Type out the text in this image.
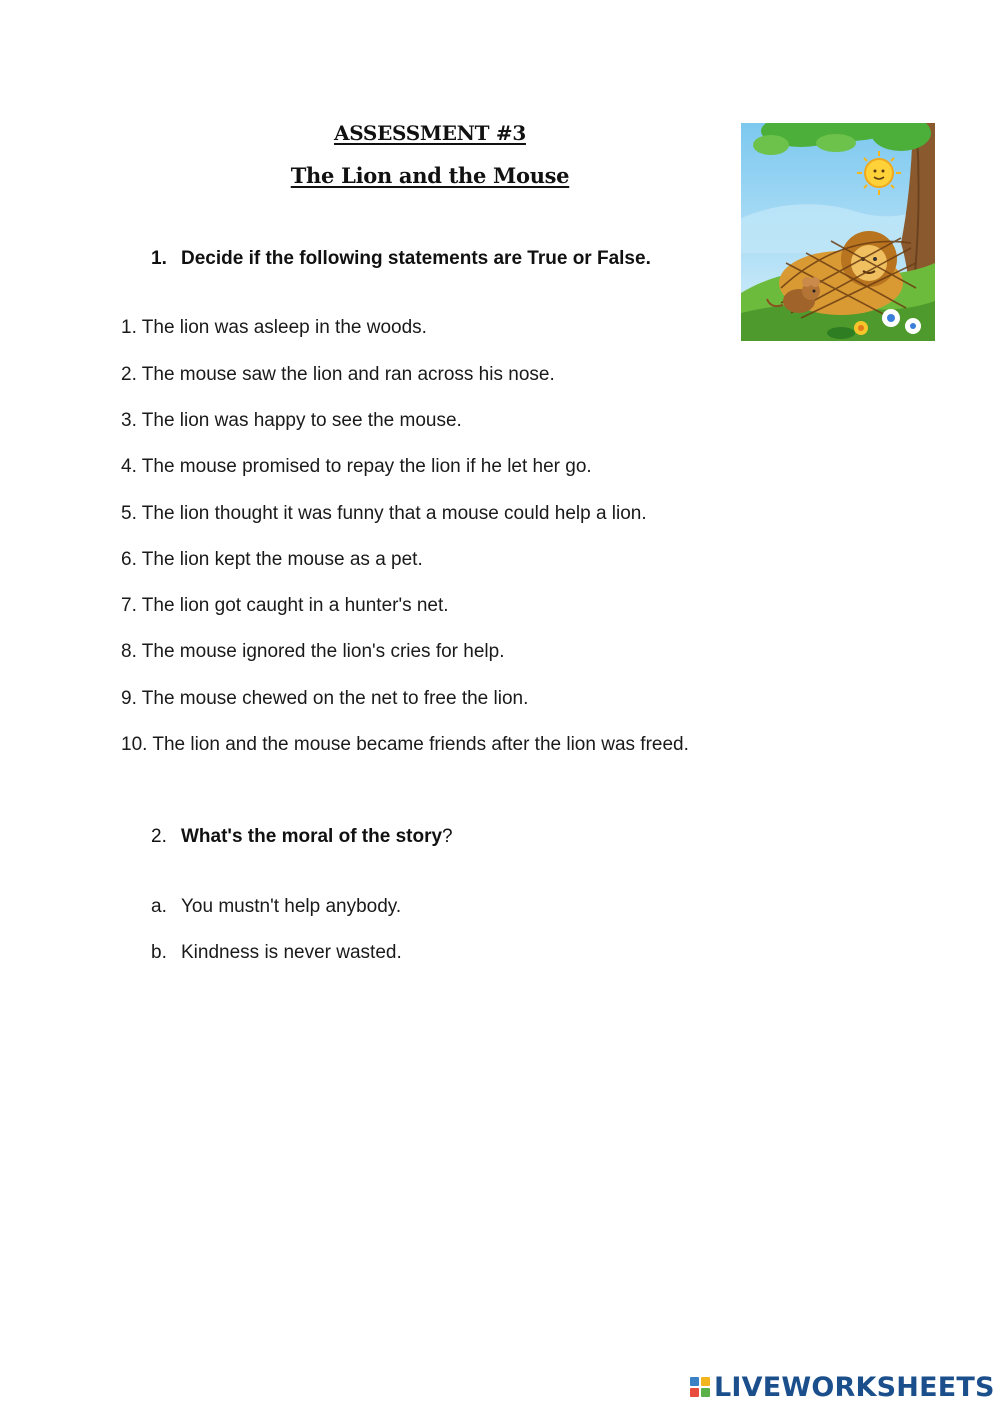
ASSESSMENT #3
The Lion and the Mouse
1. Decide if the following statements are True or False.
1. The lion was asleep in the woods.
2. The mouse saw the lion and ran across his nose.
3. The lion was happy to see the mouse.
4. The mouse promised to repay the lion if he let her go.
5. The lion thought it was funny that a mouse could help a lion.
6. The lion kept the mouse as a pet.
7. The lion got caught in a hunter's net.
8. The mouse ignored the lion's cries for help.
9. The mouse chewed on the net to free the lion.
10. The lion and the mouse became friends after the lion was freed.
2. What's the moral of the story?
a. You mustn't help anybody.
b. Kindness is never wasted.
LIVEWORKSHEETS
